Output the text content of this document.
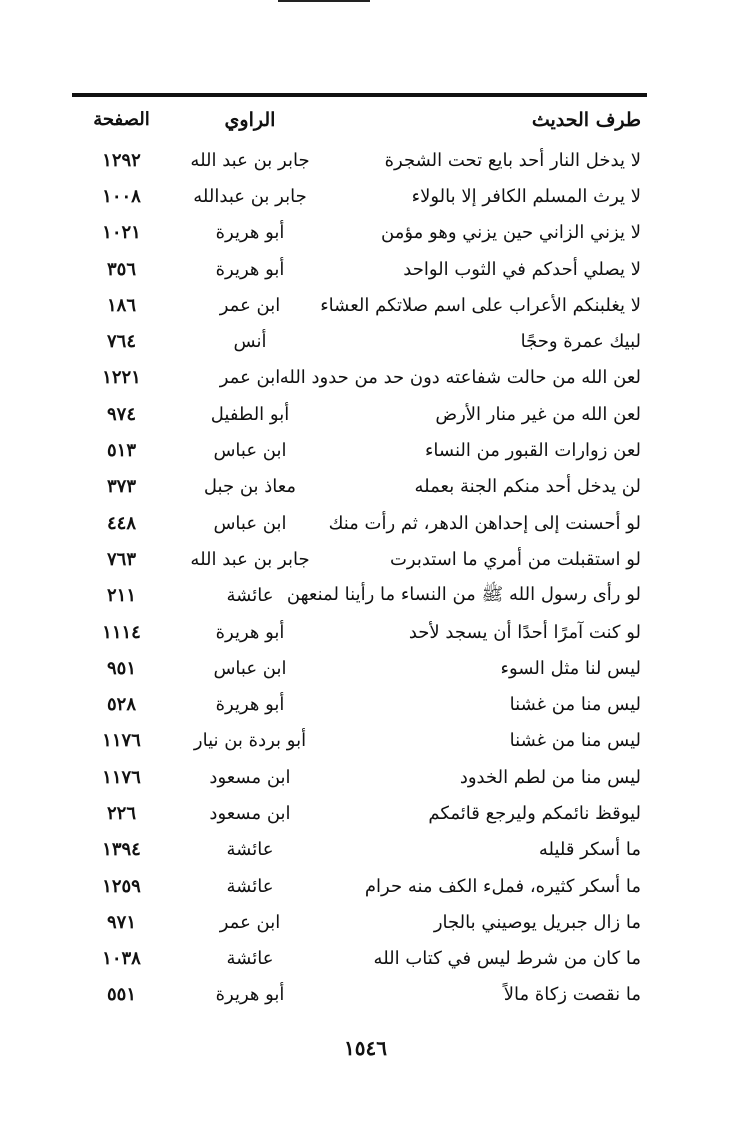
طرف الحديث	الراوي	الصفحة
لا يدخل النار أحد بايع تحت الشجرة	جابر بن عبد الله	١٢٩٢
لا يرث المسلم الكافر إلا بالولاء	جابر بن عبدالله	١٠٠٨
لا يزني الزاني حين يزني وهو مؤمن	أبو هريرة	١٠٢١
لا يصلي أحدكم في الثوب الواحد	أبو هريرة	٣٥٦
لا يغلبنكم الأعراب على اسم صلاتكم العشاء	ابن عمر	١٨٦
لبيك عمرة وحجًا	أنس	٧٦٤
لعن الله من حالت شفاعته دون حد من حدود الله	ابن عمر	١٢٢١
لعن الله من غير منار الأرض	أبو الطفيل	٩٧٤
لعن زوارات القبور من النساء	ابن عباس	٥١٣
لن يدخل أحد منكم الجنة بعمله	معاذ بن جبل	٣٧٣
لو أحسنت إلى إحداهن الدهر، ثم رأت منك	ابن عباس	٤٤٨
لو استقبلت من أمري ما استدبرت	جابر بن عبد الله	٧٦٣
لو رأى رسول الله ﷺ من النساء ما رأينا لمنعهن	عائشة	٢١١
لو كنت آمرًا أحدًا أن يسجد لأحد	أبو هريرة	١١١٤
ليس لنا مثل السوء	ابن عباس	٩٥١
ليس منا من غشنا	أبو هريرة	٥٢٨
ليس منا من غشنا	أبو بردة بن نيار	١١٧٦
ليس منا من لطم الخدود	ابن مسعود	١١٧٦
ليوقظ نائمكم وليرجع قائمكم	ابن مسعود	٢٢٦
ما أسكر قليله	عائشة	١٣٩٤
ما أسكر كثيره، فملء الكف منه حرام	عائشة	١٢٥٩
ما زال جبريل يوصيني بالجار	ابن عمر	٩٧١
ما كان من شرط ليس في كتاب الله	عائشة	١٠٣٨
ما نقصت زكاة مالاً	أبو هريرة	٥٥١
١٥٤٦
